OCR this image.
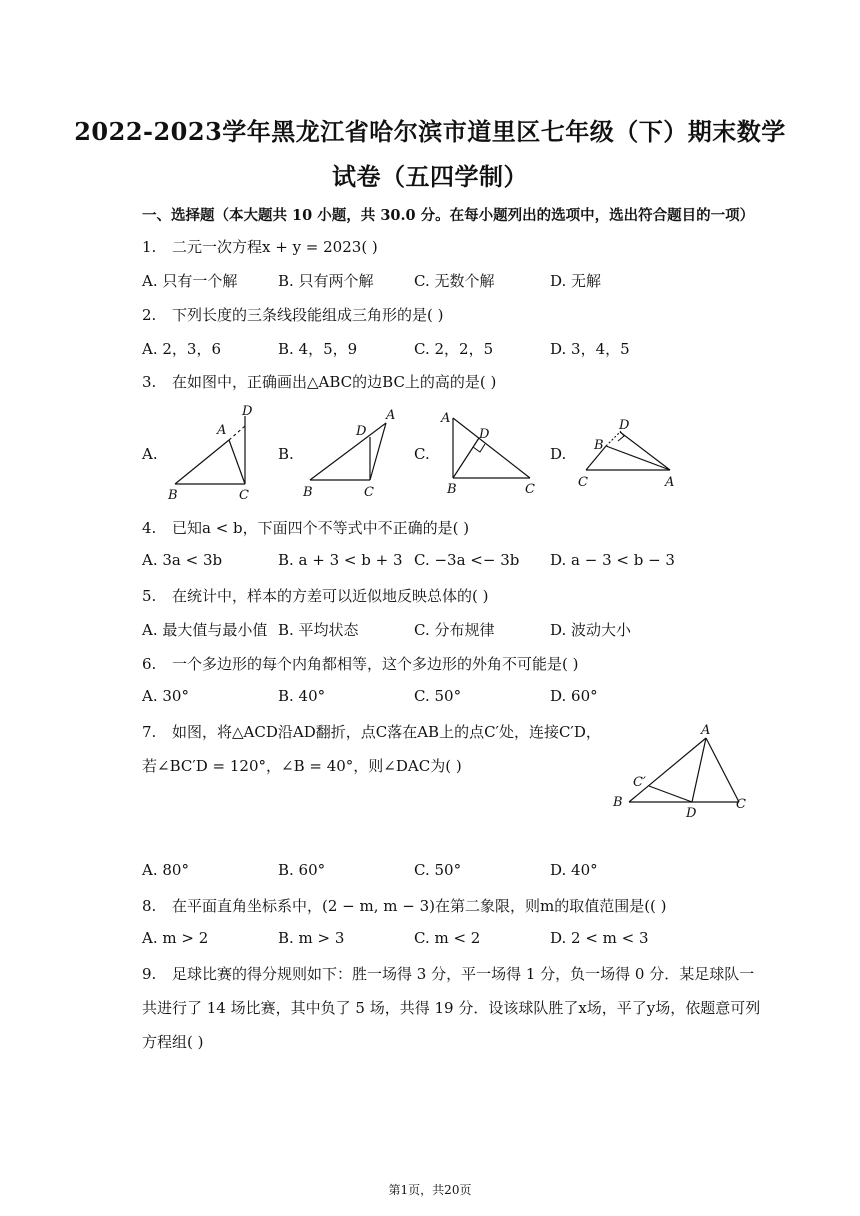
2022-2023学年黑龙江省哈尔滨市道里区七年级（下）期末数学
试卷（五四学制）
一、选择题（本大题共 10 小题，共 30.0 分。在每小题列出的选项中，选出符合题目的一项）
1. 二元一次方程x + y = 2023( )
A. 只有一个解	B. 只有两个解	C. 无数个解	D. 无解
2. 下列长度的三条线段能组成三角形的是( )
A. 2，3，6	B. 4，5，9	C. 2，2，5	D. 3，4，5
3. 在如图中，正确画出△ABC的边BC上的高的是( )
A.	B.	C.	D.
A
B	C
D	A
B	C
D
A
B	C
D
A
B
C
D
4. 已知a < b，下面四个不等式中不正确的是( )
A. 3a < 3b	B. a + 3 < b + 3 C. −3a <− 3b D. a − 3 < b − 3
5. 在统计中，样本的方差可以近似地反映总体的( )
A. 最大值与最小值 B. 平均状态	C. 分布规律	D. 波动大小
6. 一个多边形的每个内角都相等，这个多边形的外角不可能是( )
A. 30°	B. 40°	C. 50°	D. 60°
7. 如图，将△ACD沿AD翻折，点C落在AB上的点C′处，连接C′D，
若∠BC′D = 120°，∠B = 40°，则∠DAC为( )
A
B	C
C′
D
A. 80°	B. 60°	C. 50°	D. 40°
8. 在平面直角坐标系中，(2 − m, m − 3)在第二象限，则m的取值范围是(( )
A. m > 2	B. m > 3	C. m < 2	D. 2 < m < 3
9. 足球比赛的得分规则如下：胜一场得 3 分，平一场得 1 分，负一场得 0 分．某足球队一
共进行了 14 场比赛，其中负了 5 场，共得 19 分．设该球队胜了x场，平了y场，依题意可列
方程组( )
第1页，共20页
